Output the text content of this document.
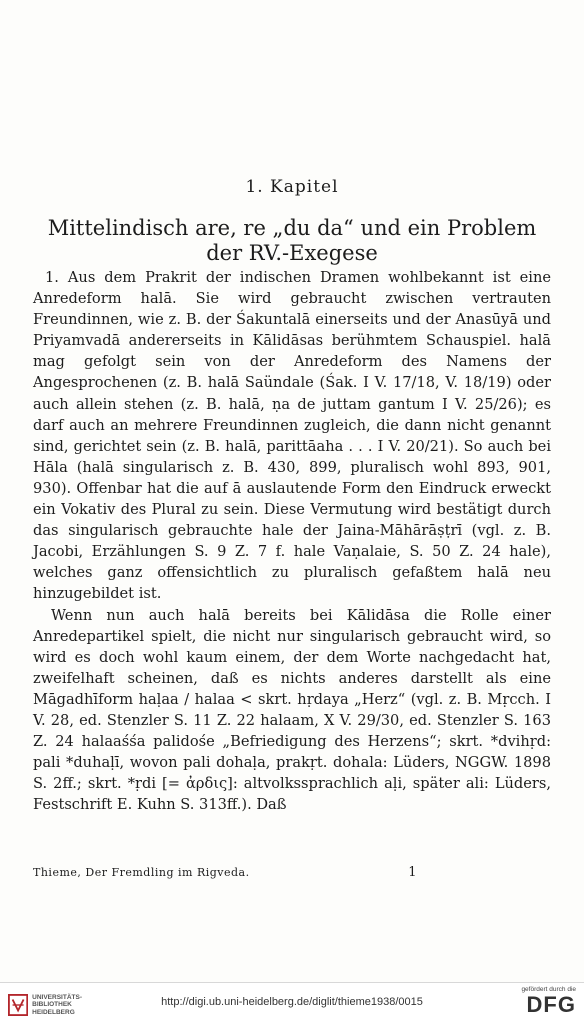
1. Kapitel
Mittelindisch are, re „du da“ und ein Problem
der RV.-Exegese

1. Aus dem Prakrit der indischen Dramen wohlbekannt ist eine Anredeform halā. Sie wird gebraucht zwischen vertrauten Freundinnen, wie z. B. der Śakuntalā einerseits und der Anasūyā und Priyamvadā andererseits in Kālidāsas berühmtem Schauspiel. halā mag gefolgt sein von der Anredeform des Namens der Angesprochenen (z. B. halā Saündale (Śak. I V. 17/18, V. 18/19) oder auch allein stehen (z. B. halā, ṇa de juttam gantum I V. 25/26); es darf auch an mehrere Freundinnen zugleich, die dann nicht genannt sind, gerichtet sein (z. B. halā, parittāaha . . . I V. 20/21). So auch bei Hāla (halā singularisch z. B. 430, 899, pluralisch wohl 893, 901, 930). Offenbar hat die auf ā auslautende Form den Eindruck erweckt ein Vokativ des Plural zu sein. Diese Vermutung wird bestätigt durch das singularisch gebrauchte hale der Jaina-Māhārāṣṭrī (vgl. z. B. Jacobi, Erzählungen S. 9 Z. 7 f. hale Vaṇalaie, S. 50 Z. 24 hale), welches ganz offensichtlich zu pluralisch gefaßtem halā neu hinzugebildet ist.

Wenn nun auch halā bereits bei Kālidāsa die Rolle einer Anredepartikel spielt, die nicht nur singularisch gebraucht wird, so wird es doch wohl kaum einem, der dem Worte nachgedacht hat, zweifelhaft scheinen, daß es nichts anderes darstellt als eine Māgadhīform haḷaa / halaa < skrt. hṛdaya „Herz“ (vgl. z. B. Mṛcch. I V. 28, ed. Stenzler S. 11 Z. 22 halaam, X V. 29/30, ed. Stenzler S. 163 Z. 24 halaaśśa palidośe „Befriedigung des Herzens“; skrt. *dvihṛd: pali *duhaḷī, wovon pali dohaḷa, prakṛt. dohala: Lüders, NGGW. 1898 S. 2ff.; skrt. *ṛdi [= ἀρδις]: altvolkssprachlich aḷi, später ali: Lüders, Festschrift E. Kuhn S. 313ff.). Daß

Thieme, Der Fremdling im Rigveda.	1
UNIVERSITÄTS-
BIBLIOTHEK
HEIDELBERG
http://digi.ub.uni-heidelberg.de/diglit/thieme1938/0015
gefördert durch die
DFG
